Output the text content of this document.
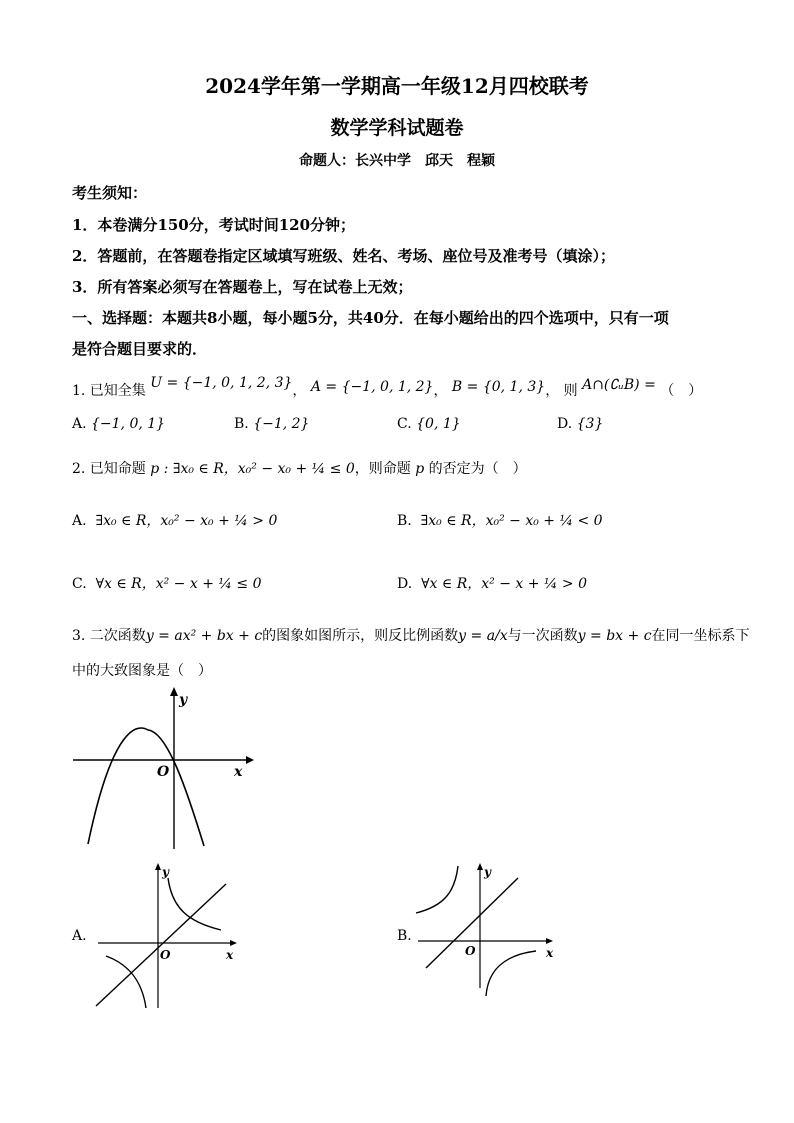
2024学年第一学期高一年级12月四校联考
数学学科试题卷
命题人：长兴中学　邱天　程颖
考生须知：
1．本卷满分150分，考试时间120分钟；
2．答题前，在答题卷指定区域填写班级、姓名、考场、座位号及准考号（填涂）；
3．所有答案必须写在答题卷上，写在试卷上无效；
一、选择题：本题共8小题，每小题5分，共40分．在每小题给出的四个选项中，只有一项
是符合题目要求的．
1. 已知全集 U = {−1, 0, 1, 2, 3}， A = {−1, 0, 1, 2}， B = {0, 1, 3}， 则 A∩(∁ᵤB) = （　）
A. {−1, 0, 1}	B. {−1, 2}	C. {0, 1}	D. {3}
2. 已知命题 p : ∃x₀ ∈ R，x₀² − x₀ + ¼ ≤ 0，则命题 p 的否定为（　）
A. ∃x₀ ∈ R，x₀² − x₀ + ¼ > 0	B. ∃x₀ ∈ R，x₀² − x₀ + ¼ < 0
C. ∀x ∈ R，x² − x + ¼ ≤ 0	D. ∀x ∈ R，x² − x + ¼ > 0
3. 二次函数y = ax² + bx + c的图象如图所示，则反比例函数y = a/x与一次函数y = bx + c在同一坐标系下
中的大致图象是（　）
y
x
O
A.
y
x
O
B.
y
x
O
